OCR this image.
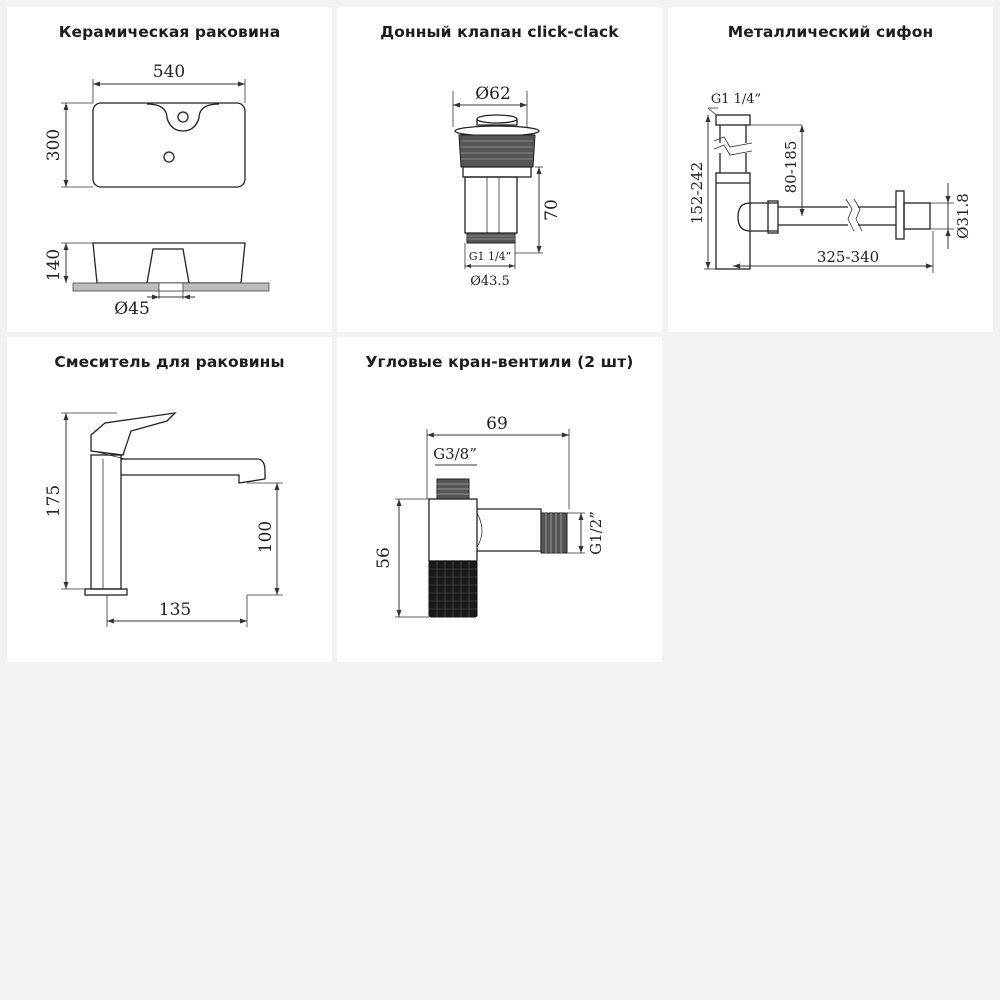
Керамическая раковина
540
300
140
Ø45
Донный клапан click-clack
Ø62
70
G1 1/4”
Ø43.5
Металлический сифон
G1 1/4”
Ø31.8
80-185
152-242
325-340
Смеситель для раковины
175
100
135
Угловые кран-вентили (2 шт)
69
G3/8”
G1/2”
56
